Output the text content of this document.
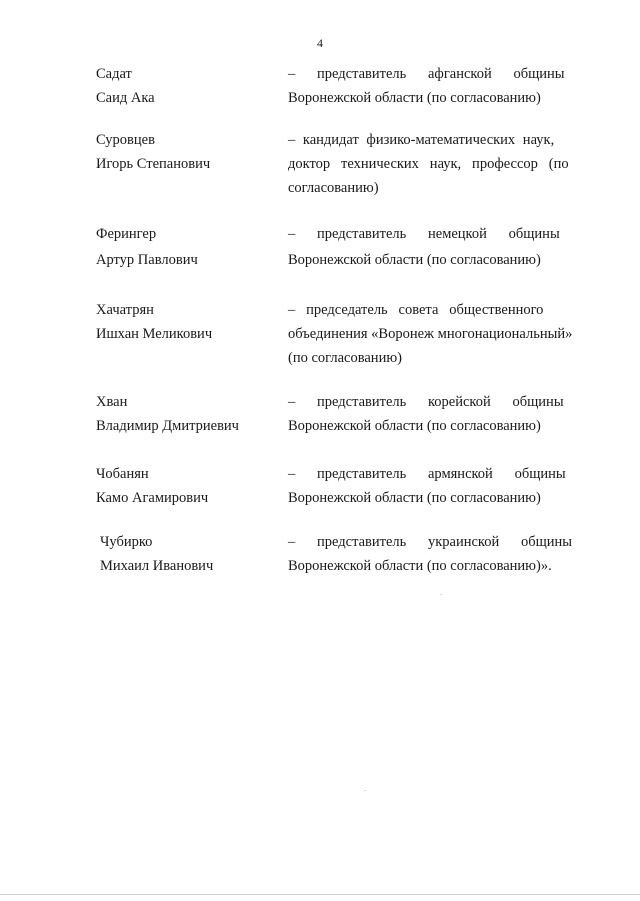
4
Садат
Саид Ака
–      представитель      афганской      общины
Воронежской области (по согласованию)
Суровцев
Игорь Степанович
– кандидат физико-математических наук,
доктор   технических   наук,   профессор   (по
согласованию)
Ферингер
Артур Павлович
–      представитель      немецкой      общины
Воронежской области (по согласованию)
Хачатрян
Ишхан Меликович
–   председатель   совета   общественного
объединения «Воронеж многонациональный»
(по согласованию)
Хван
Владимир Дмитриевич
–      представитель      корейской      общины
Воронежской области (по согласованию)
Чобанян
Камо Агамирович
–      представитель      армянской      общины
Воронежской области (по согласованию)
Чубирко
Михаил Иванович
–      представитель      украинской      общины
Воронежской области (по согласованию)».
